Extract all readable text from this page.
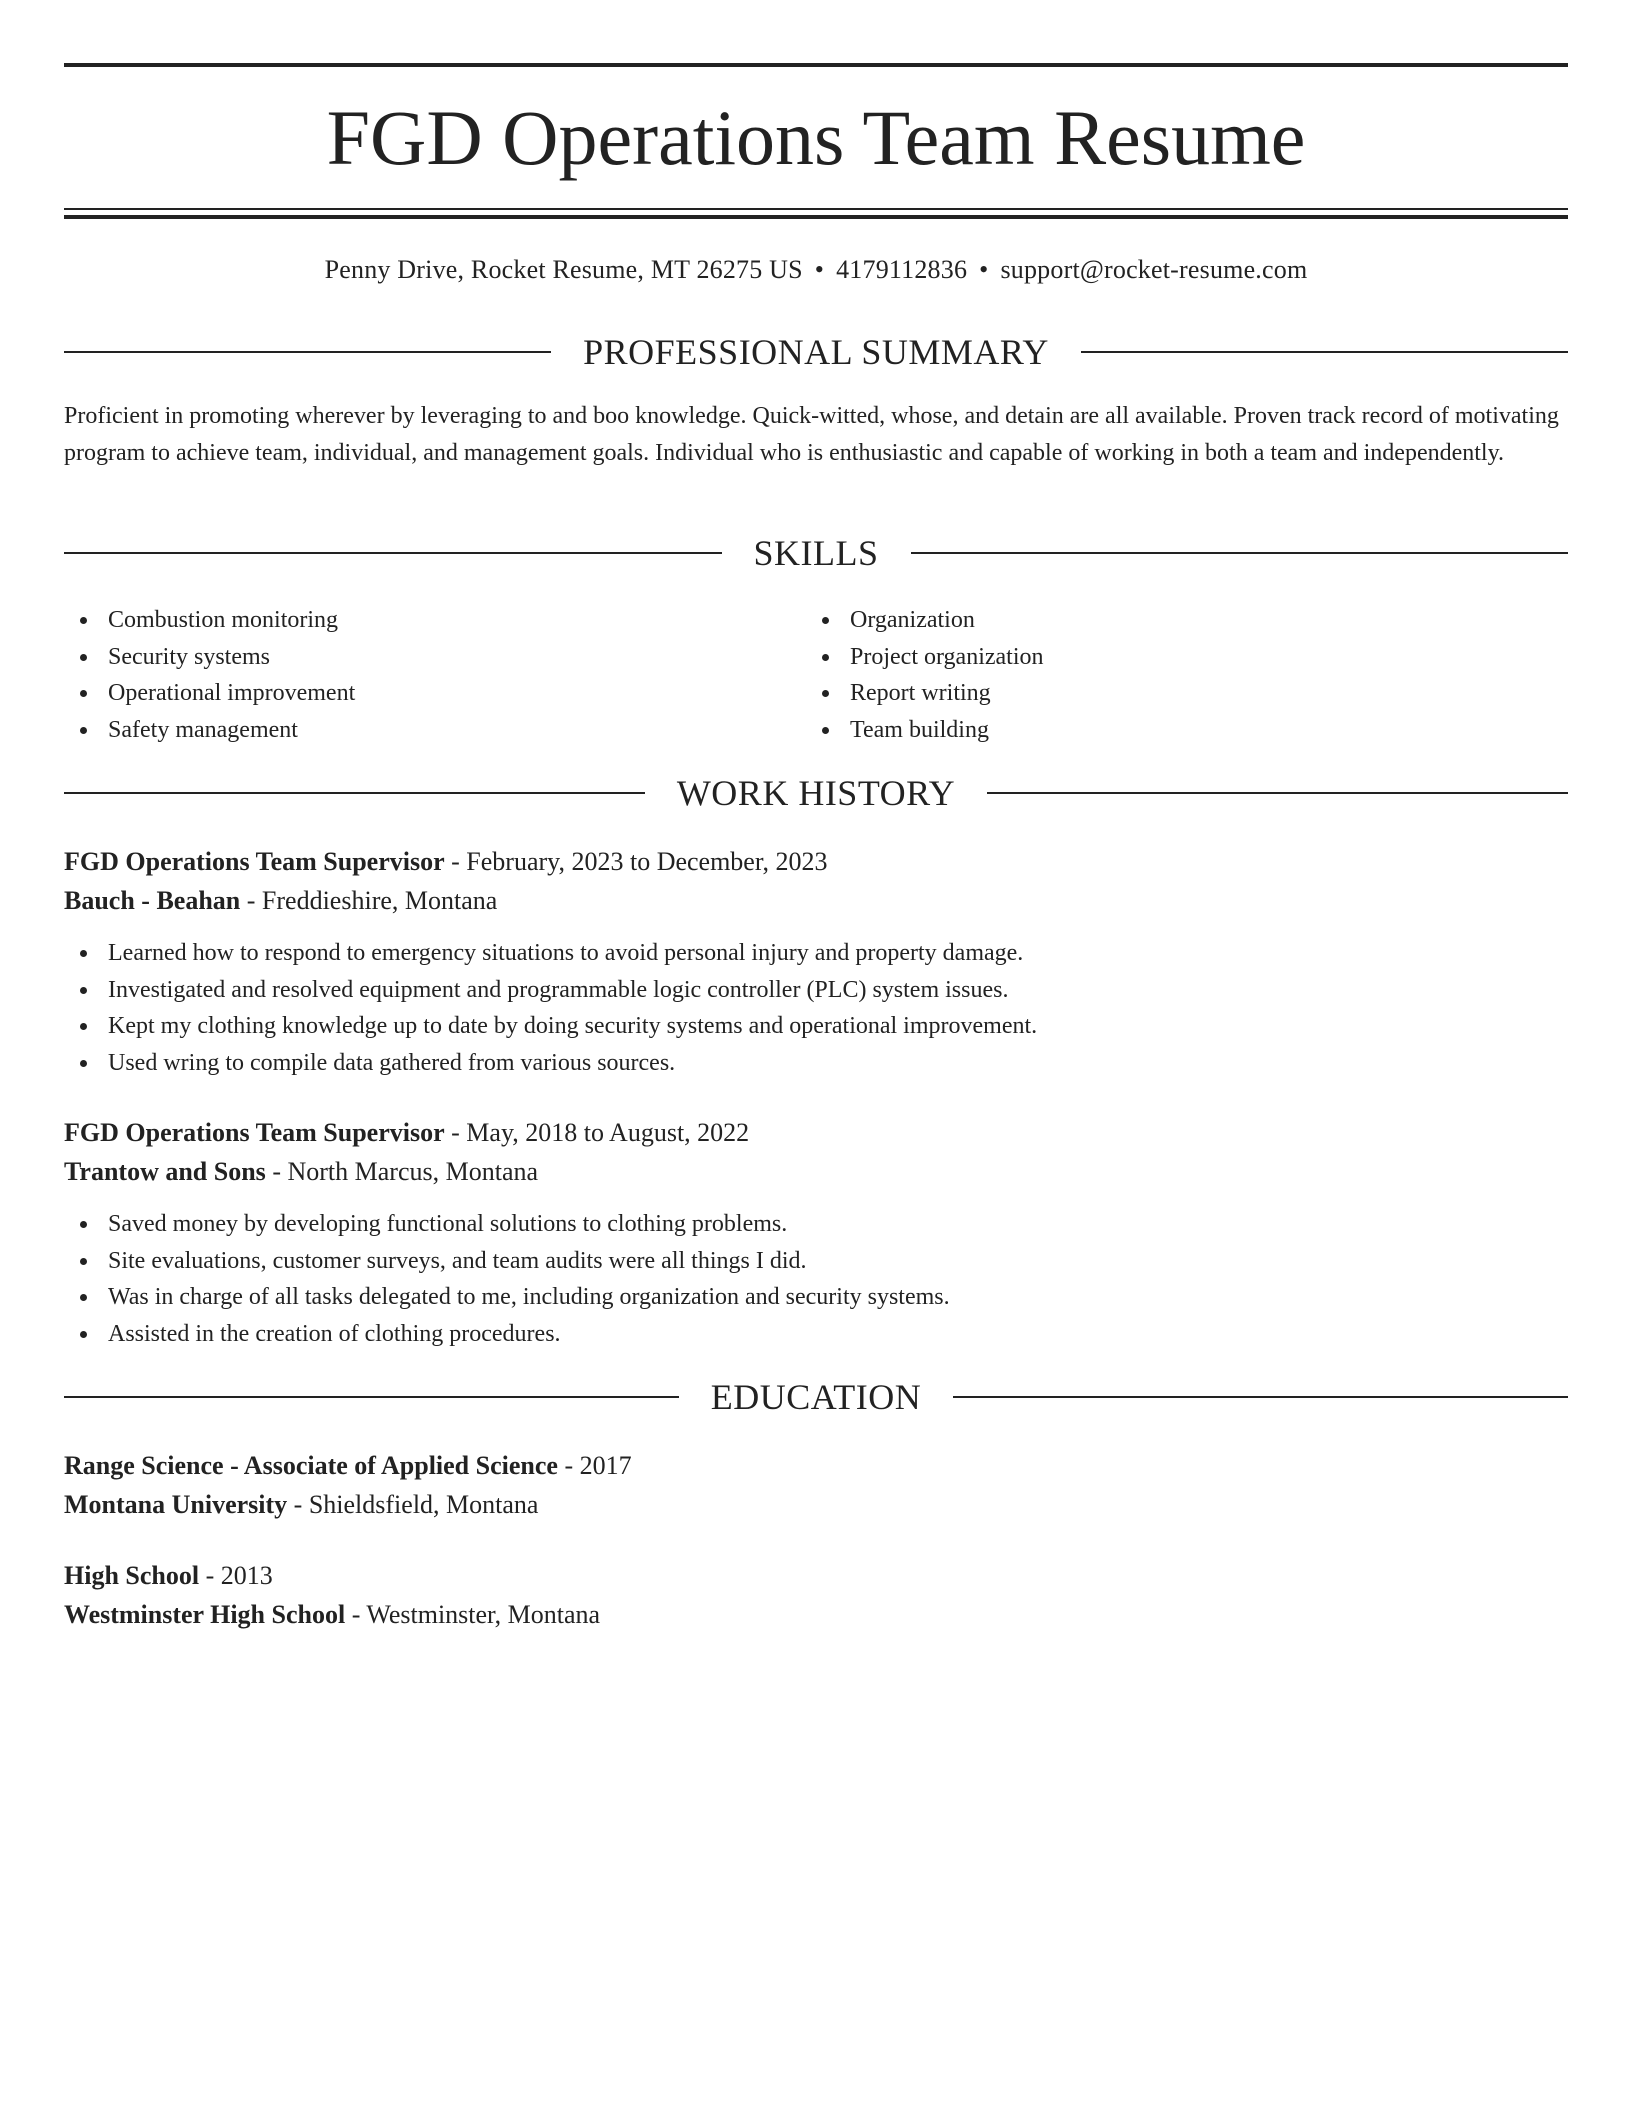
FGD Operations Team Resume
Penny Drive, Rocket Resume, MT 26275 US • 4179112836 • support@rocket-resume.com
PROFESSIONAL SUMMARY

Proficient in promoting wherever by leveraging to and boo knowledge. Quick-witted, whose, and detain are all available. Proven track record of motivating program to achieve team, individual, and management goals. Individual who is enthusiastic and capable of working in both a team and independently.

SKILLS
Combustion monitoring
Security systems
Operational improvement
Safety management
Organization
Project organization
Report writing
Team building
WORK HISTORY
FGD Operations Team Supervisor - February, 2023 to December, 2023
Bauch - Beahan - Freddieshire, Montana
Learned how to respond to emergency situations to avoid personal injury and property damage.
Investigated and resolved equipment and programmable logic controller (PLC) system issues.
Kept my clothing knowledge up to date by doing security systems and operational improvement.
Used wring to compile data gathered from various sources.
FGD Operations Team Supervisor - May, 2018 to August, 2022
Trantow and Sons - North Marcus, Montana
Saved money by developing functional solutions to clothing problems.
Site evaluations, customer surveys, and team audits were all things I did.
Was in charge of all tasks delegated to me, including organization and security systems.
Assisted in the creation of clothing procedures.
EDUCATION
Range Science - Associate of Applied Science - 2017
Montana University - Shieldsfield, Montana
High School - 2013
Westminster High School - Westminster, Montana
